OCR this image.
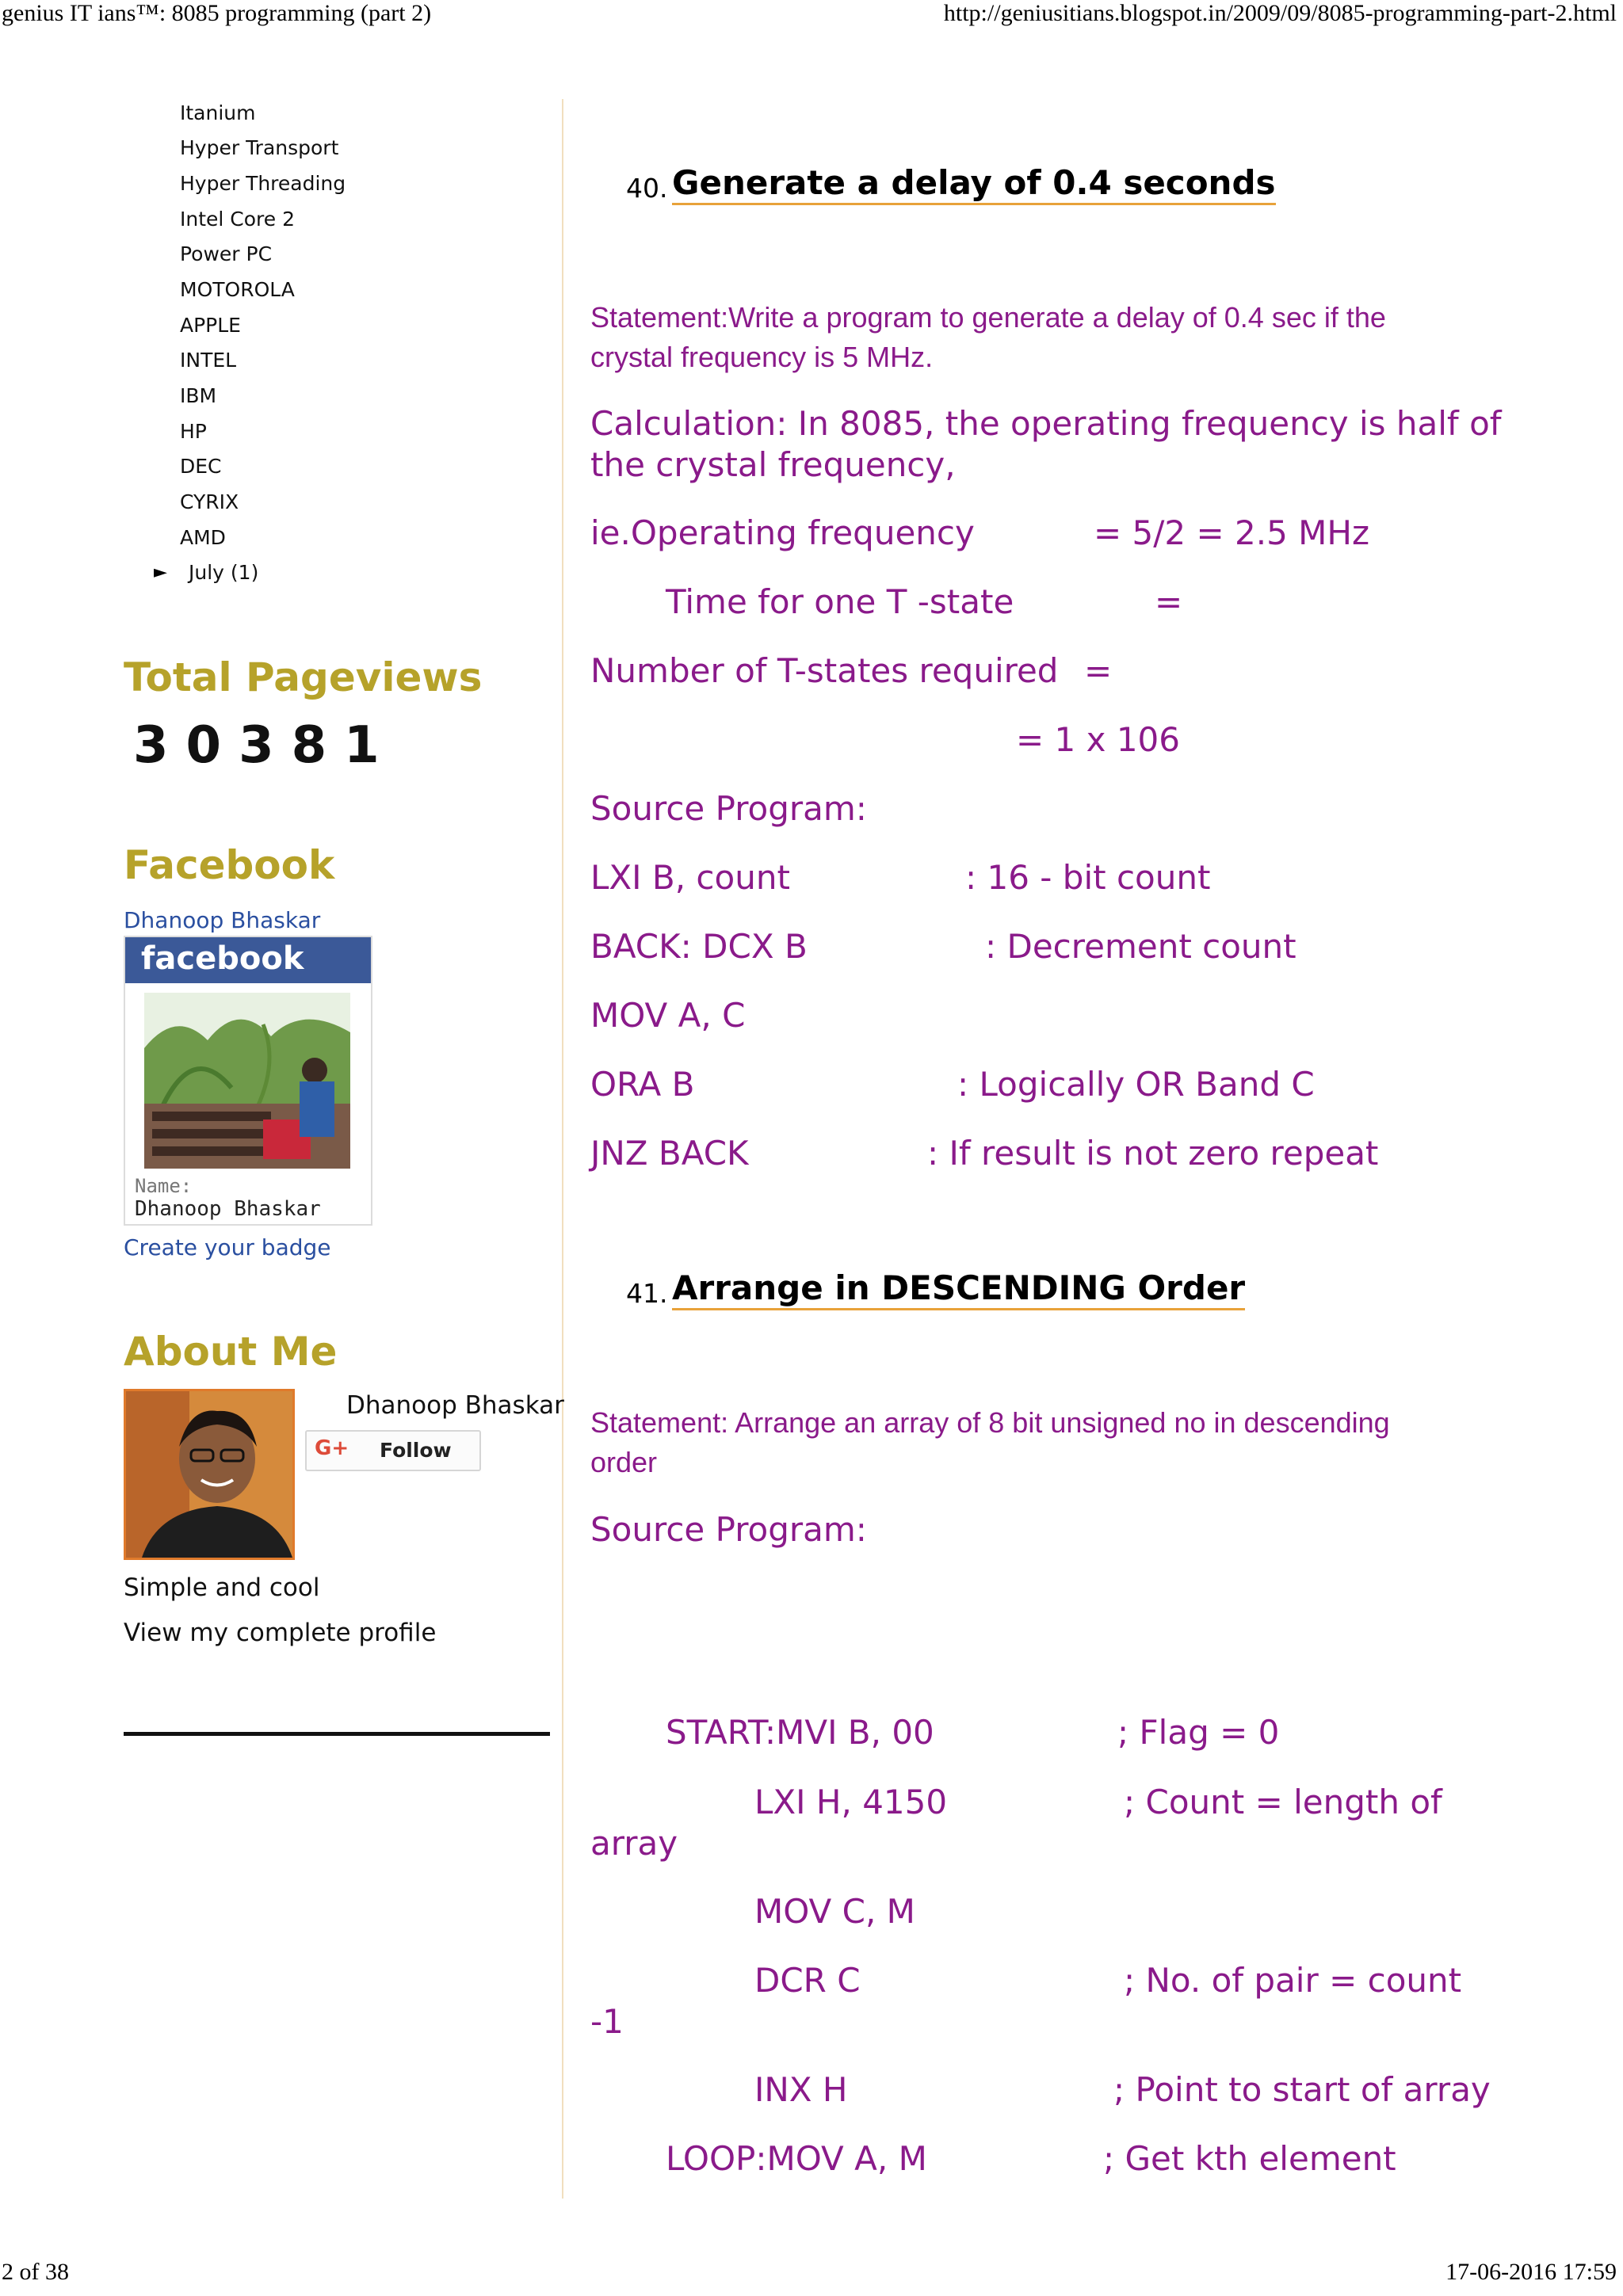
genius IT ians™: 8085 programming (part 2)	http://geniusitians.blogspot.in/2009/09/8085-programming-part-2.html
Itanium
Hyper Transport
Hyper Threading
Intel Core 2
Power PC
MOTOROLA
APPLE
INTEL
IBM
HP
DEC
CYRIX
AMD
► July (1)
Total Pageviews
30381
Facebook
Dhanoop Bhaskar
facebook
Name:
Dhanoop Bhaskar
Create your badge
About Me
Dhanoop Bhaskar
G+ Follow
Simple and cool
View my complete profile
40. Generate a delay of 0.4 seconds
Statement:Write a program to generate a delay of 0.4 sec if the
crystal frequency is 5 MHz.
Calculation: In 8085, the operating frequency is half of
the crystal frequency,
ie.Operating frequency	= 5/2 = 2.5 MHz
Time for one T -state	=
Number of T-states required =
= 1 x 106
Source Program:
LXI B, count	: 16 - bit count
BACK: DCX B	: Decrement count
MOV A, C
ORA B	: Logically OR Band C
JNZ BACK	: If result is not zero repeat
41. Arrange in DESCENDING Order
Statement: Arrange an array of 8 bit unsigned no in descending
order
Source Program:
START:MVI B, 00	; Flag = 0
LXI H, 4150	; Count = length of
array
MOV C, M
DCR C	; No. of pair = count
-1
INX H	; Point to start of array
LOOP:MOV A, M	; Get kth element
2 of 38	17-06-2016 17:59
